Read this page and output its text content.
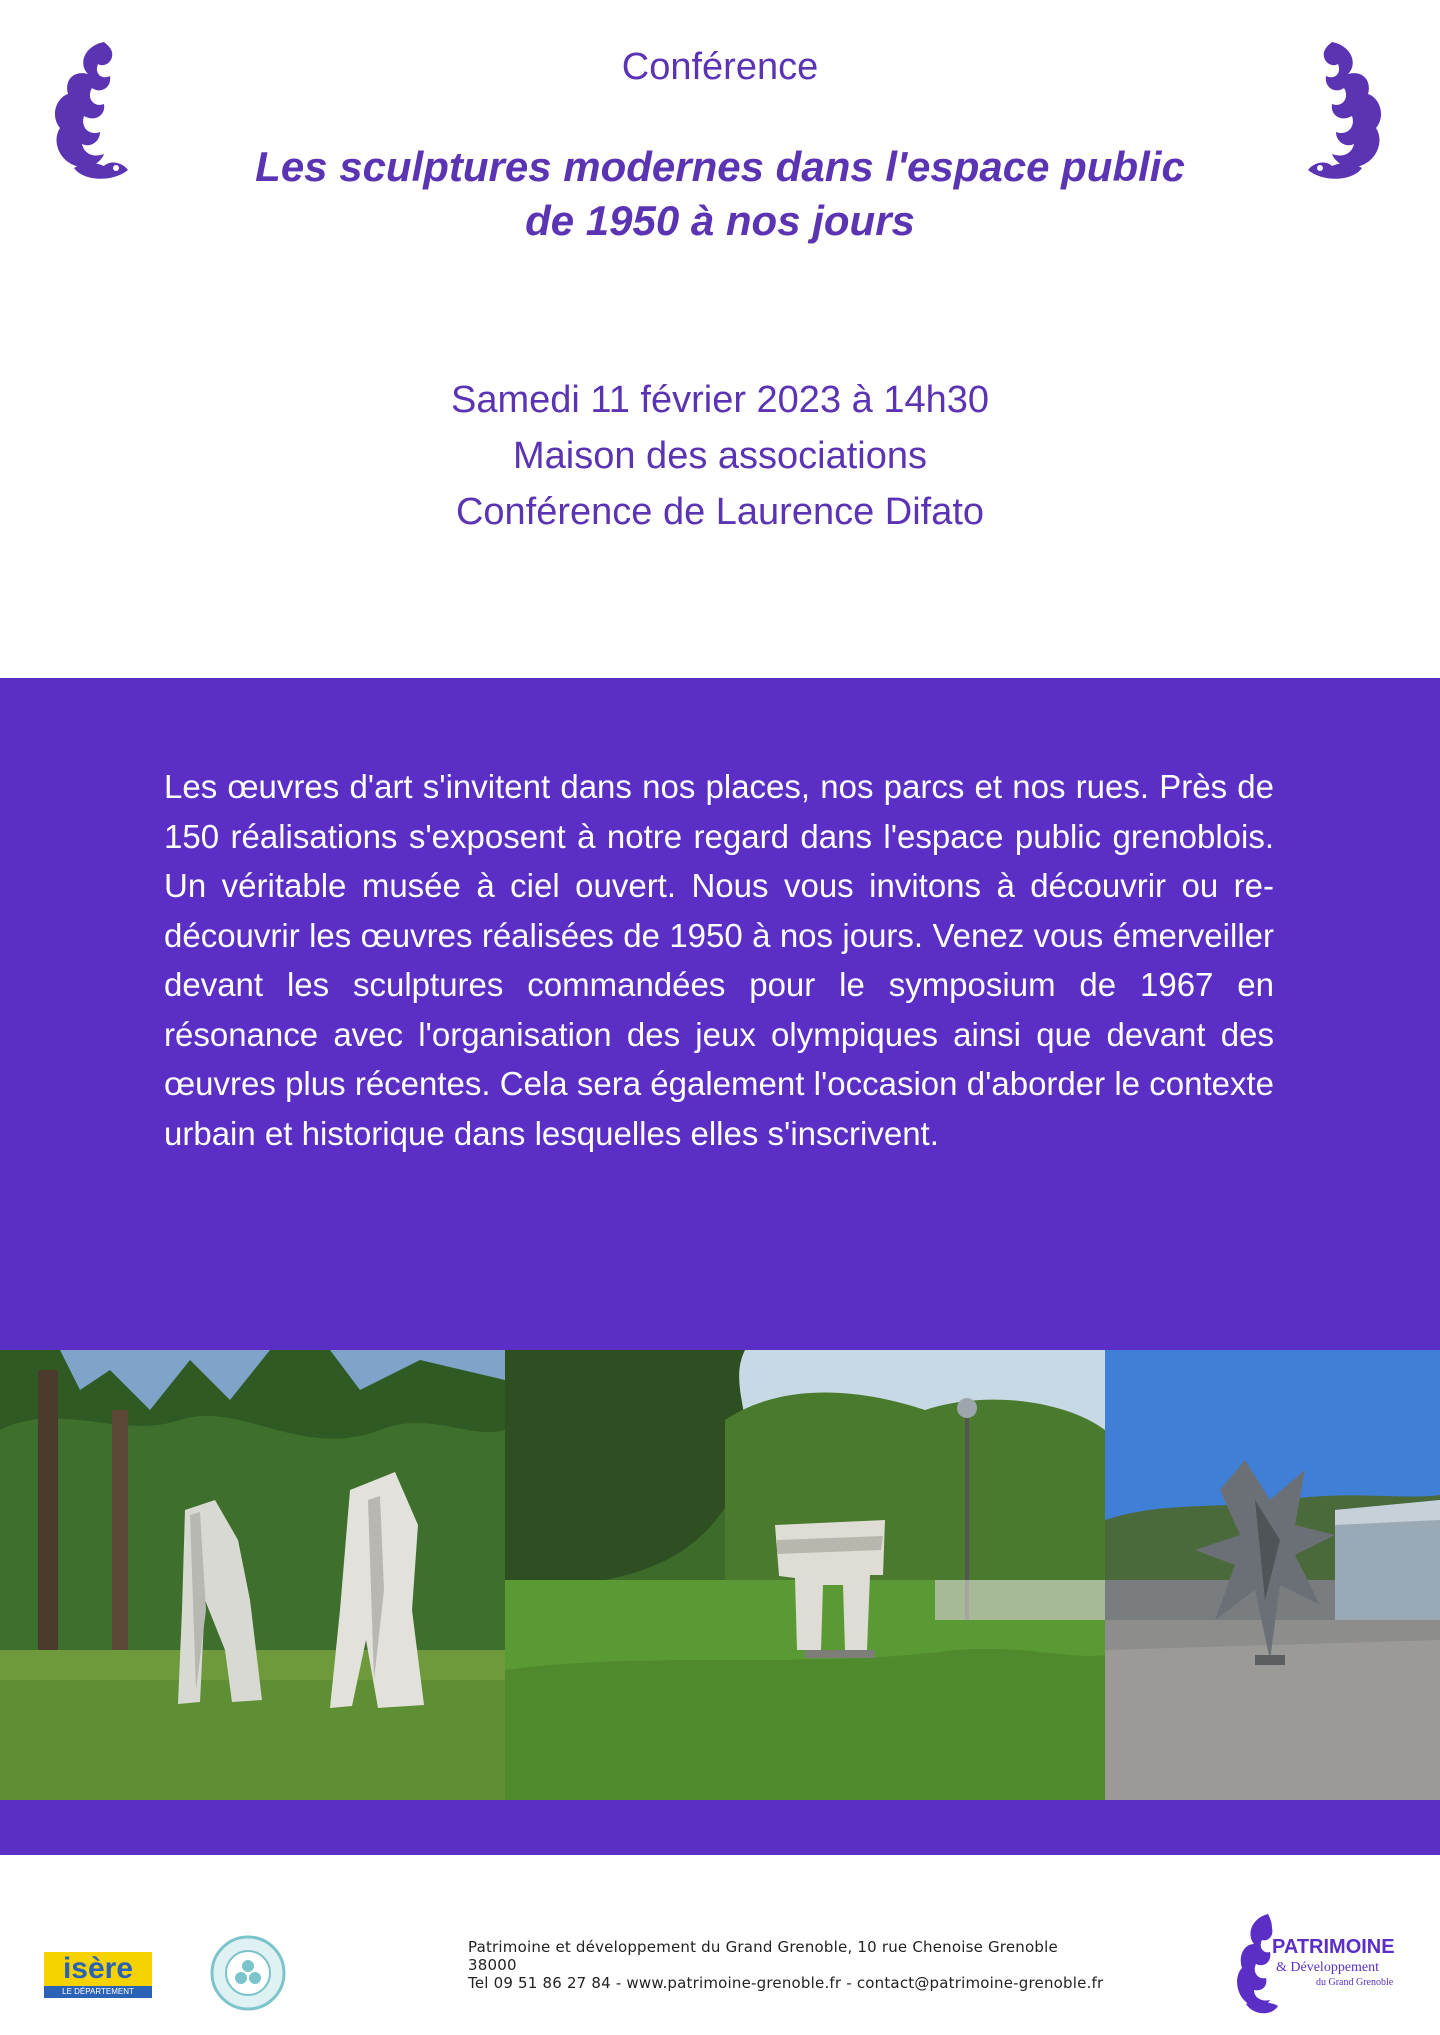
Conférence
Les sculptures modernes dans l'espace public
de 1950 à nos jours
Samedi 11 février 2023 à 14h30
Maison des associations
Conférence de Laurence Difato
Les œuvres d'art s'invitent dans nos places, nos parcs et nos rues. Près de 150 réalisations s'exposent à notre regard dans l'espace public grenoblois. Un véritable musée à ciel ouvert. Nous vous invitons à découvrir ou re-découvrir les œuvres réalisées de 1950 à nos jours. Venez vous émerveiller devant les sculptures commandées pour le symposium de 1967 en résonance avec l'organisation des jeux olympiques ainsi que devant des œuvres plus récentes. Cela sera également l'occasion d'aborder le contexte urbain et historique dans lesquelles elles s'inscrivent.
isère
LE DÉPARTEMENT
Patrimoine et développement du Grand Grenoble, 10 rue Chenoise Grenoble 38000
Tel 09 51 86 27 84 - www.patrimoine-grenoble.fr - contact@patrimoine-grenoble.fr
PATRIMOINE
& Développement
du Grand Grenoble
